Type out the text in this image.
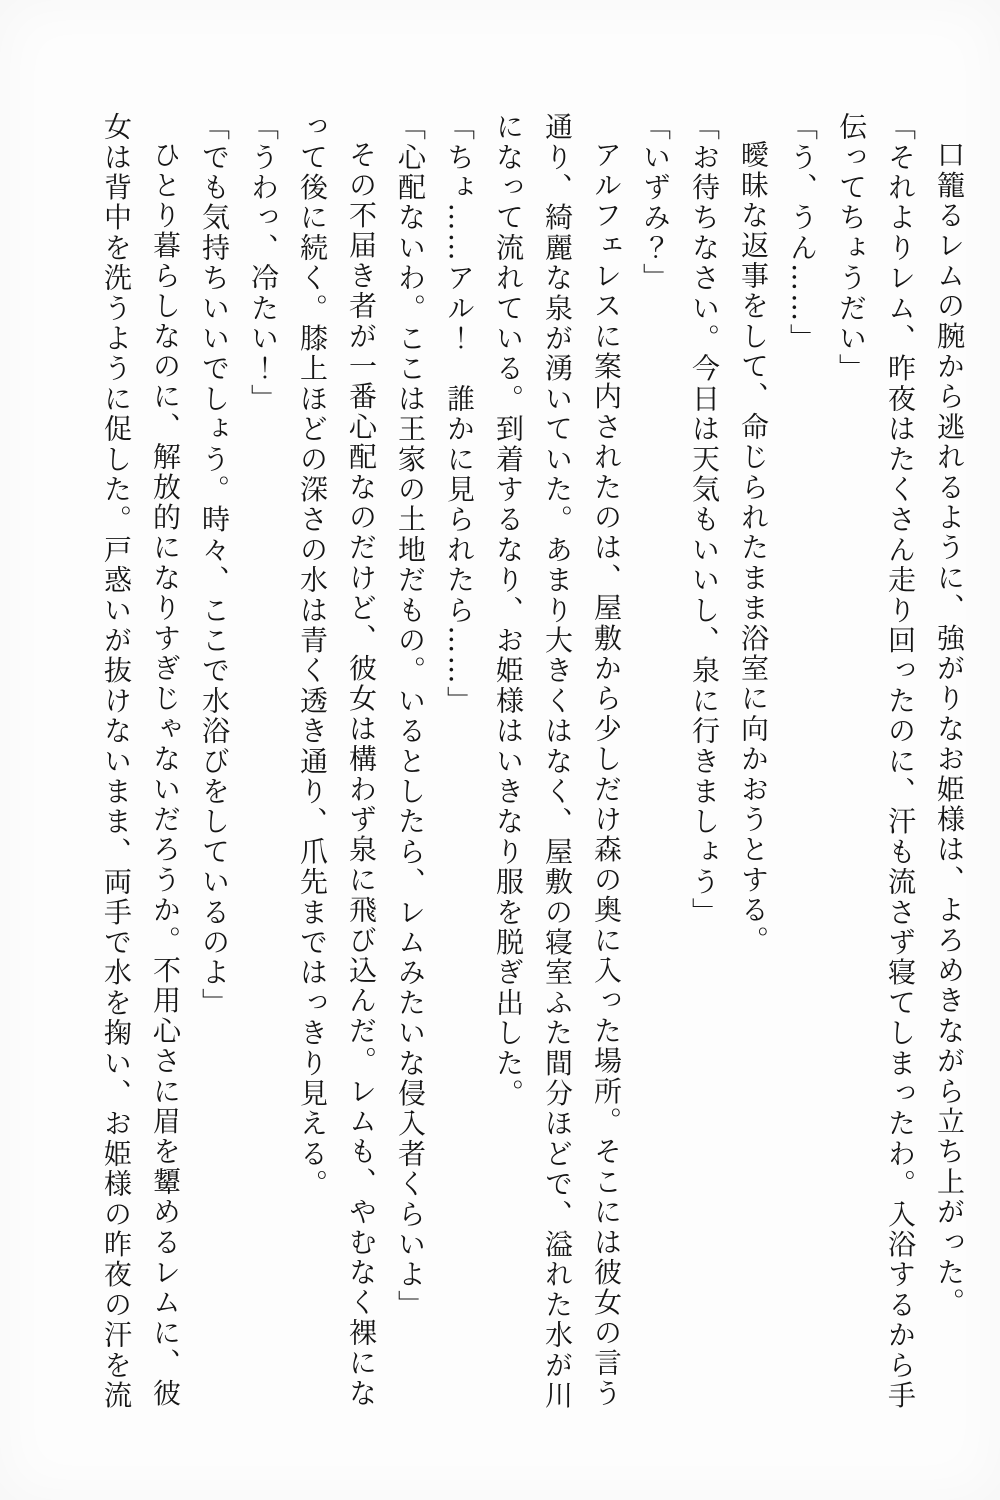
口籠るレムの腕から逃れるように、強がりなお姫様は、よろめきながら立ち上がった。

「それよりレム、昨夜はたくさん走り回ったのに、汗も流さず寝てしまったわ。入浴するから手伝ってちょうだい」

「う、うん……」

曖昧な返事をして、命じられたまま浴室に向かおうとする。

「お待ちなさい。今日は天気もいいし、泉に行きましょう」

「いずみ？」

アルフェレスに案内されたのは、屋敷から少しだけ森の奥に入った場所。そこには彼女の言う通り、綺麗な泉が湧いていた。あまり大きくはなく、屋敷の寝室ふた間分ほどで、溢れた水が川になって流れている。到着するなり、お姫様はいきなり服を脱ぎ出した。

「ちょ……アル！　誰かに見られたら……」

「心配ないわ。ここは王家の土地だもの。いるとしたら、レムみたいな侵入者くらいよ」

その不届き者が一番心配なのだけど、彼女は構わず泉に飛び込んだ。レムも、やむなく裸になって後に続く。膝上ほどの深さの水は青く透き通り、爪先まではっきり見える。

「うわっ、冷たい！」

「でも気持ちいいでしょう。時々、ここで水浴びをしているのよ」

ひとり暮らしなのに、解放的になりすぎじゃないだろうか。不用心さに眉を顰めるレムに、彼女は背中を洗うように促した。戸惑いが抜けないまま、両手で水を掬い、お姫様の昨夜の汗を流
